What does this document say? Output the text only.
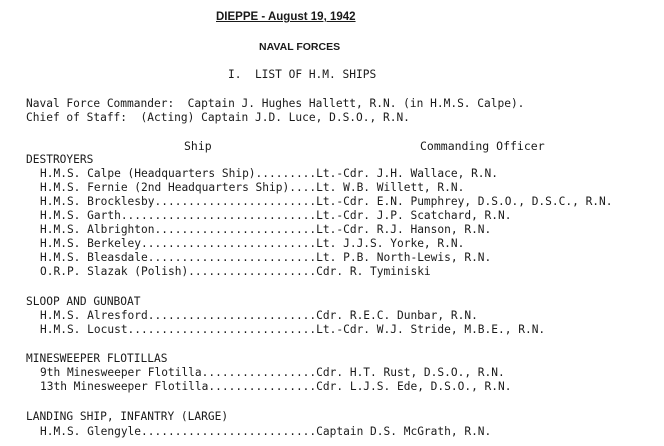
DIEPPE - August 19, 1942
NAVAL FORCES
I.  LIST OF H.M. SHIPS
Naval Force Commander:  Captain J. Hughes Hallett, R.N. (in H.M.S. Calpe).
Chief of Staff:  (Acting) Captain J.D. Luce, D.S.O., R.N.
Ship	Commanding Officer
DESTROYERS
H.M.S. Calpe (Headquarters Ship).........Lt.-Cdr. J.H. Wallace, R.N.
H.M.S. Fernie (2nd Headquarters Ship)....Lt. W.B. Willett, R.N.
H.M.S. Brocklesby........................Lt.-Cdr. E.N. Pumphrey, D.S.O., D.S.C., R.N.
H.M.S. Garth.............................Lt.-Cdr. J.P. Scatchard, R.N.
H.M.S. Albrighton........................Lt.-Cdr. R.J. Hanson, R.N.
H.M.S. Berkeley..........................Lt. J.J.S. Yorke, R.N.
H.M.S. Bleasdale.........................Lt. P.B. North-Lewis, R.N.
O.R.P. Slazak (Polish)...................Cdr. R. Tyminiski
SLOOP AND GUNBOAT
H.M.S. Alresford.........................Cdr. R.E.C. Dunbar, R.N.
H.M.S. Locust............................Lt.-Cdr. W.J. Stride, M.B.E., R.N.
MINESWEEPER FLOTILLAS
9th Minesweeper Flotilla.................Cdr. H.T. Rust, D.S.O., R.N.
13th Minesweeper Flotilla................Cdr. L.J.S. Ede, D.S.O., R.N.
LANDING SHIP, INFANTRY (LARGE)
H.M.S. Glengyle..........................Captain D.S. McGrath, R.N.
